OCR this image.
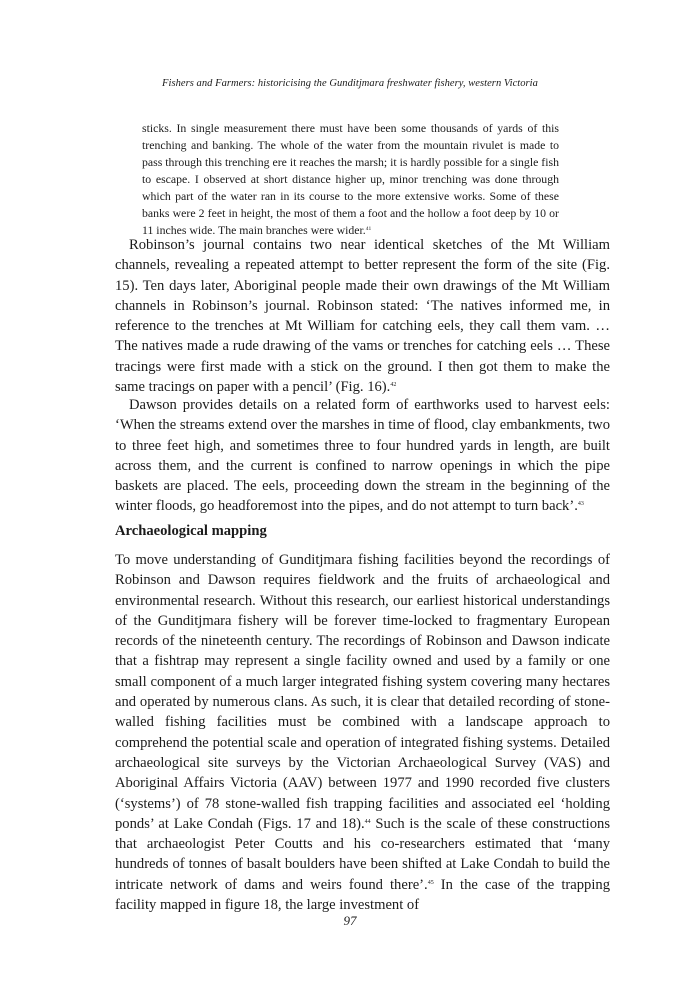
Fishers and Farmers: historicising the Gunditjmara freshwater fishery, western Victoria

sticks. In single measurement there must have been some thousands of yards of this trenching and banking. The whole of the water from the mountain rivulet is made to pass through this trenching ere it reaches the marsh; it is hardly possible for a single fish to escape. I observed at short distance higher up, minor trenching was done through which part of the water ran in its course to the more extensive works. Some of these banks were 2 feet in height, the most of them a foot and the hollow a foot deep by 10 or 11 inches wide. The main branches were wider.$^{41}$

Robinson’s journal contains two near identical sketches of the Mt William channels, revealing a repeated attempt to better represent the form of the site (Fig. 15). Ten days later, Aboriginal people made their own drawings of the Mt William channels in Robinson’s journal. Robinson stated: ‘The natives informed me, in reference to the trenches at Mt William for catching eels, they call them vam. … The natives made a rude drawing of the vams or trenches for catching eels … These tracings were first made with a stick on the ground. I then got them to make the same tracings on paper with a pencil’ (Fig. 16).$^{42}$

Dawson provides details on a related form of earthworks used to harvest eels: ‘When the streams extend over the marshes in time of flood, clay embankments, two to three feet high, and sometimes three to four hundred yards in length, are built across them, and the current is confined to narrow openings in which the pipe baskets are placed. The eels, proceeding down the stream in the beginning of the winter floods, go headforemost into the pipes, and do not attempt to turn back’.$^{43}$

Archaeological mapping

To move understanding of Gunditjmara fishing facilities beyond the recordings of Robinson and Dawson requires fieldwork and the fruits of archaeological and environmental research. Without this research, our earliest historical understandings of the Gunditjmara fishery will be forever time-locked to fragmentary European records of the nineteenth century. The recordings of Robinson and Dawson indicate that a fishtrap may represent a single facility owned and used by a family or one small component of a much larger integrated fishing system covering many hectares and operated by numerous clans. As such, it is clear that detailed recording of stone-walled fishing facilities must be combined with a landscape approach to comprehend the potential scale and operation of integrated fishing systems. Detailed archaeological site surveys by the Victorian Archaeological Survey (VAS) and Aboriginal Affairs Victoria (AAV) between 1977 and 1990 recorded five clusters (‘systems’) of 78 stone-walled fish trapping facilities and associated eel ‘holding ponds’ at Lake Condah (Figs. 17 and 18).$^{44}$ Such is the scale of these constructions that archaeologist Peter Coutts and his co-researchers estimated that ‘many hundreds of tonnes of basalt boulders have been shifted at Lake Condah to build the intricate network of dams and weirs found there’.$^{45}$ In the case of the trapping facility mapped in figure 18, the large investment of

97
